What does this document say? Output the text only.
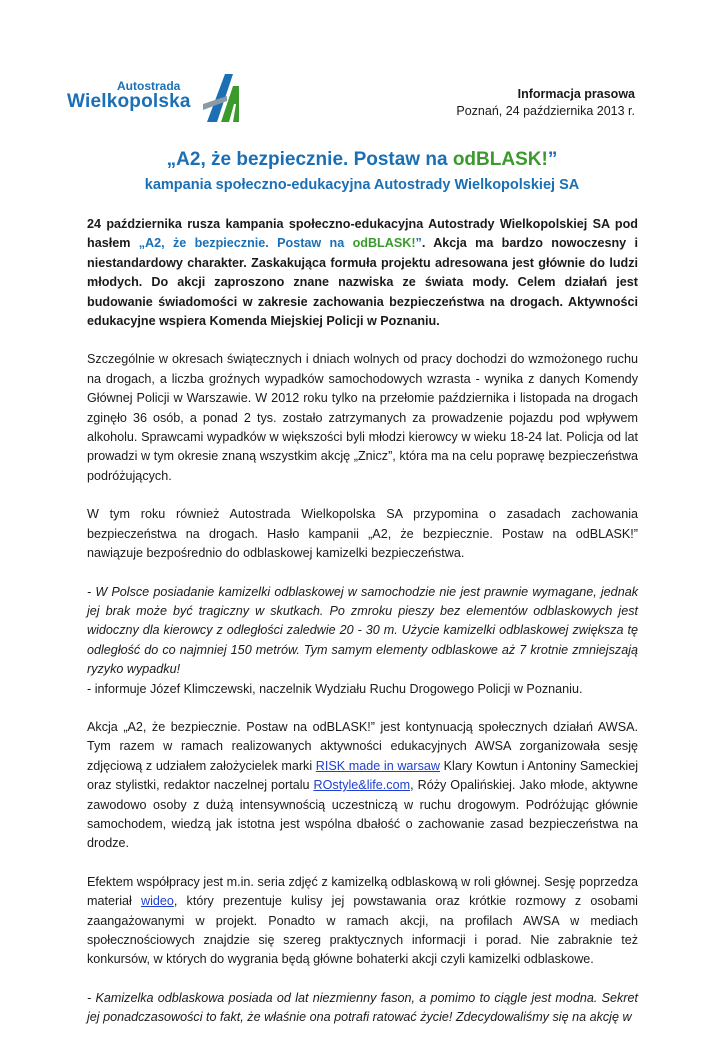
Autostrada
Wielkopolska	Informacja prasowa
Poznań, 24 października 2013 r.
„A2, że bezpiecznie. Postaw na odBLASK!”
kampania społeczno-edukacyjna Autostrady Wielkopolskiej SA

24 października rusza kampania społeczno-edukacyjna Autostrady Wielkopolskiej SA pod hasłem „A2, że bezpiecznie. Postaw na odBLASK!”. Akcja ma bardzo nowoczesny i niestandardowy charakter. Zaskakująca formuła projektu adresowana jest głównie do ludzi młodych. Do akcji zaproszono znane nazwiska ze świata mody. Celem działań jest budowanie świadomości w zakresie zachowania bezpieczeństwa na drogach. Aktywności edukacyjne wspiera Komenda Miejskiej Policji w Poznaniu.

Szczególnie w okresach świątecznych i dniach wolnych od pracy dochodzi do wzmożonego ruchu na drogach, a liczba groźnych wypadków samochodowych wzrasta - wynika z danych Komendy Głównej Policji w Warszawie. W 2012 roku tylko na przełomie października i listopada na drogach zginęło 36 osób, a ponad 2 tys. zostało zatrzymanych za prowadzenie pojazdu pod wpływem alkoholu. Sprawcami wypadków w większości byli młodzi kierowcy w wieku 18-24 lat. Policja od lat prowadzi w tym okresie znaną wszystkim akcję „Znicz”, która ma na celu poprawę bezpieczeństwa podróżujących.

W tym roku również Autostrada Wielkopolska SA przypomina o zasadach zachowania bezpieczeństwa na drogach. Hasło kampanii „A2, że bezpiecznie. Postaw na odBLASK!” nawiązuje bezpośrednio do odblaskowej kamizelki bezpieczeństwa.

- W Polsce posiadanie kamizelki odblaskowej w samochodzie nie jest prawnie wymagane, jednak jej brak może być tragiczny w skutkach. Po zmroku pieszy bez elementów odblaskowych jest widoczny dla kierowcy z odległości zaledwie 20 - 30 m. Użycie kamizelki odblaskowej zwiększa tę odległość do co najmniej 150 metrów. Tym samym elementy odblaskowe aż 7 krotnie zmniejszają ryzyko wypadku!
- informuje Józef Klimczewski, naczelnik Wydziału Ruchu Drogowego Policji w Poznaniu.

Akcja „A2, że bezpiecznie. Postaw na odBLASK!” jest kontynuacją społecznych działań AWSA. Tym razem w ramach realizowanych aktywności edukacyjnych AWSA zorganizowała sesję zdjęciową z udziałem założycielek marki RISK made in warsaw Klary Kowtun i Antoniny Sameckiej oraz stylistki, redaktor naczelnej portalu ROstyle&life.com, Róży Opalińskiej. Jako młode, aktywne zawodowo osoby z dużą intensywnością uczestniczą w ruchu drogowym. Podróżując głównie samochodem, wiedzą jak istotna jest wspólna dbałość o zachowanie zasad bezpieczeństwa na drodze.

Efektem współpracy jest m.in. seria zdjęć z kamizelką odblaskową w roli głównej. Sesję poprzedza materiał wideo, który prezentuje kulisy jej powstawania oraz krótkie rozmowy z osobami zaangażowanymi w projekt. Ponadto w ramach akcji, na profilach AWSA w mediach społecznościowych znajdzie się szereg praktycznych informacji i porad. Nie zabraknie też konkursów, w których do wygrania będą główne bohaterki akcji czyli kamizelki odblaskowe.

- Kamizelka odblaskowa posiada od lat niezmienny fason, a pomimo to ciągle jest modna. Sekret jej ponadczasowości to fakt, że właśnie ona potrafi ratować życie! Zdecydowaliśmy się na akcję w
